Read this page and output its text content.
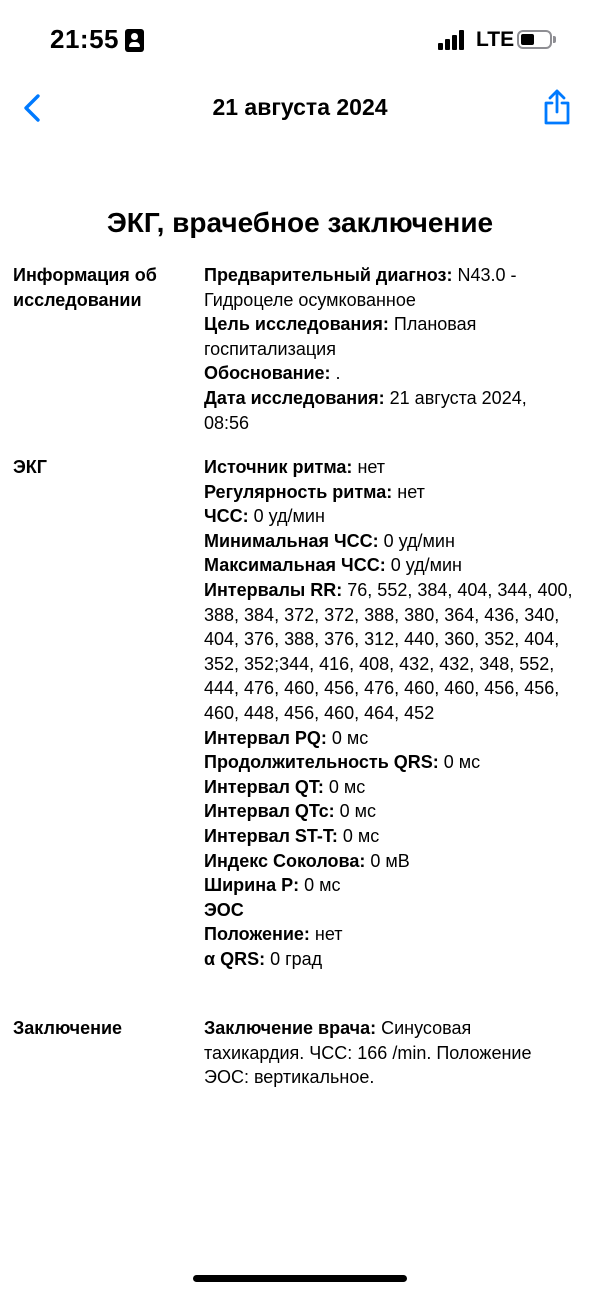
21:55	LTE
21 августа 2024
ЭКГ, врачебное заключение
Информация об исследовании
Предварительный диагноз: N43.0 - Гидроцеле осумкованное
Цель исследования: Плановая госпитализация
Обоснование: .
Дата исследования: 21 августа 2024, 08:56
ЭКГ	Источник ритма: нет
Регулярность ритма: нет
ЧСС: 0 уд/мин
Минимальная ЧСС: 0 уд/мин
Максимальная ЧСС: 0 уд/мин
Интервалы RR: 76, 552, 384, 404, 344, 400, 388, 384, 372, 372, 388, 380, 364, 436, 340, 404, 376, 388, 376, 312, 440, 360, 352, 404, 352, 352;344, 416, 408, 432, 432, 348, 552, 444, 476, 460, 456, 476, 460, 460, 456, 456, 460, 448, 456, 460, 464, 452
Интервал PQ: 0 мс
Продолжительность QRS: 0 мс
Интервал QT: 0 мс
Интервал QTc: 0 мс
Интервал ST-T: 0 мс
Индекс Соколова: 0 мВ
Ширина P: 0 мс
ЭОС
Положение: нет
α QRS: 0 град
Заключение	Заключение врача: Синусовая тахикардия. ЧСС: 166 /min. Положение ЭОС: вертикальное.
